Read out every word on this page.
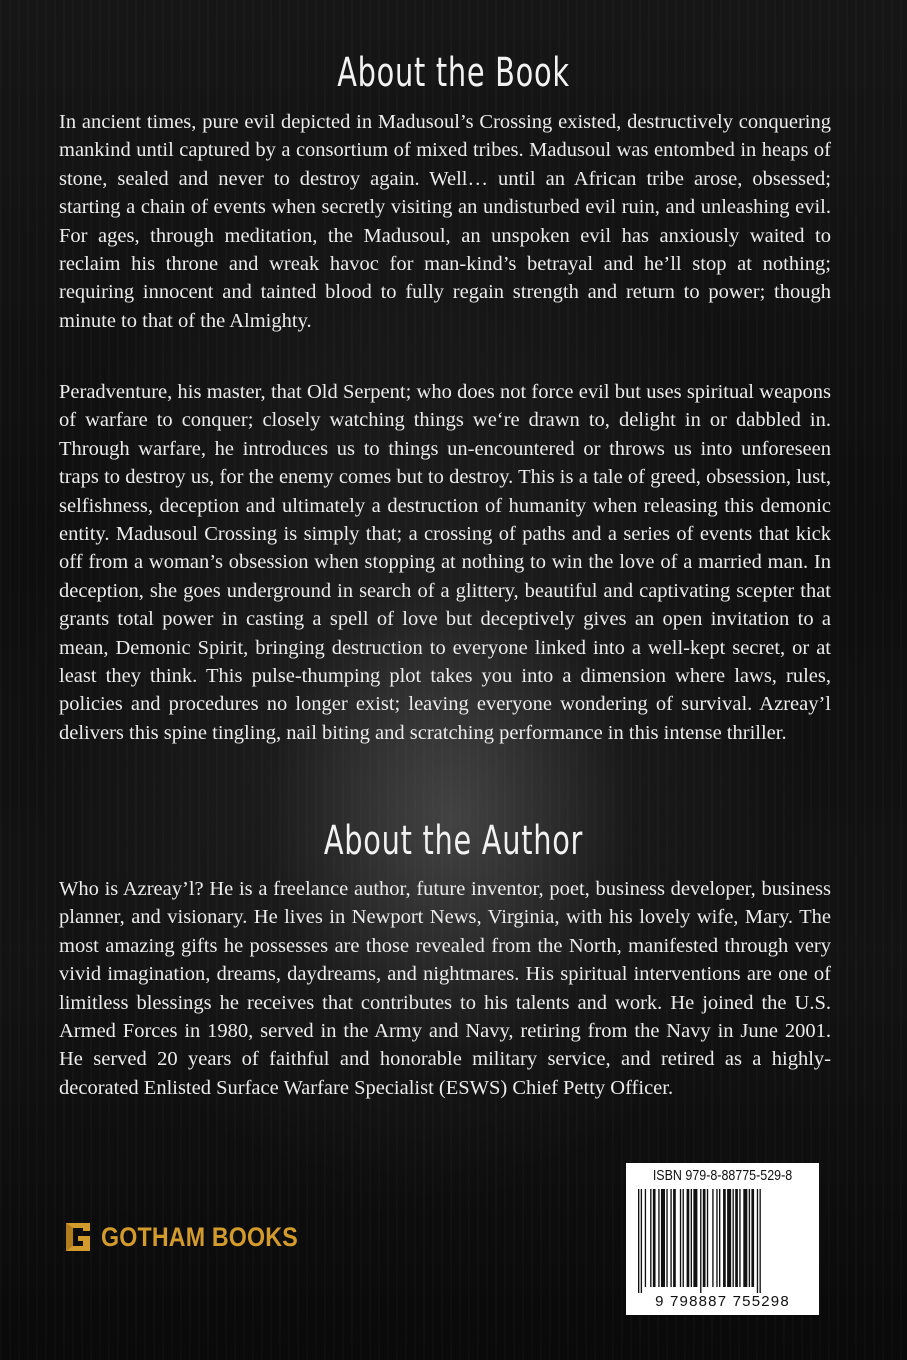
About the Book

In ancient times, pure evil depicted in Madusoul’s Crossing existed, destructively conquering mankind until captured by a consortium of mixed tribes. Madusoul was entombed in heaps of stone, sealed and never to destroy again. Well… until an African tribe arose, obsessed; starting a chain of events when secretly visiting an undisturbed evil ruin, and unleashing evil. For ages, through meditation, the Madusoul, an unspoken evil has anxiously waited to reclaim his throne and wreak havoc for man-kind’s betrayal and he’ll stop at nothing; requiring innocent and tainted blood to fully regain strength and return to power; though minute to that of the Almighty.

Peradventure, his master, that Old Serpent; who does not force evil but uses spiritual weapons of warfare to conquer; closely watching things we‘re drawn to, delight in or dabbled in. Through warfare, he introduces us to things un-encountered or throws us into unforeseen traps to destroy us, for the enemy comes but to destroy. This is a tale of greed, obsession, lust, selfishness, deception and ultimately a destruction of humanity when releasing this demonic entity. Madusoul Crossing is simply that; a crossing of paths and a series of events that kick off from a woman’s obsession when stopping at nothing to win the love of a married man. In deception, she goes underground in search of a glittery, beautiful and captivating scepter that grants total power in casting a spell of love but deceptively gives an open invitation to a mean, Demonic Spirit, bringing destruction to everyone linked into a well-kept secret, or at least they think. This pulse-thumping plot takes you into a dimension where laws, rules, policies and procedures no longer exist; leaving everyone wondering of survival. Azreay’l delivers this spine tingling, nail biting and scratching performance in this intense thriller.

About the Author

Who is Azreay’l? He is a freelance author, future inventor, poet, business developer, business planner, and visionary. He lives in Newport News, Virginia, with his lovely wife, Mary. The most amazing gifts he possesses are those revealed from the North, manifested through very vivid imagination, dreams, daydreams, and nightmares. His spiritual interventions are one of limitless blessings he receives that contributes to his talents and work. He joined the U.S. Armed Forces in 1980, served in the Army and Navy, retiring from the Navy in June 2001. He served 20 years of faithful and honorable military service, and retired as a highly-decorated Enlisted Surface Warfare Specialist (ESWS) Chief Petty Officer.

GOTHAM BOOKS
ISBN 979-8-88775-529-8
9 798887 755298
